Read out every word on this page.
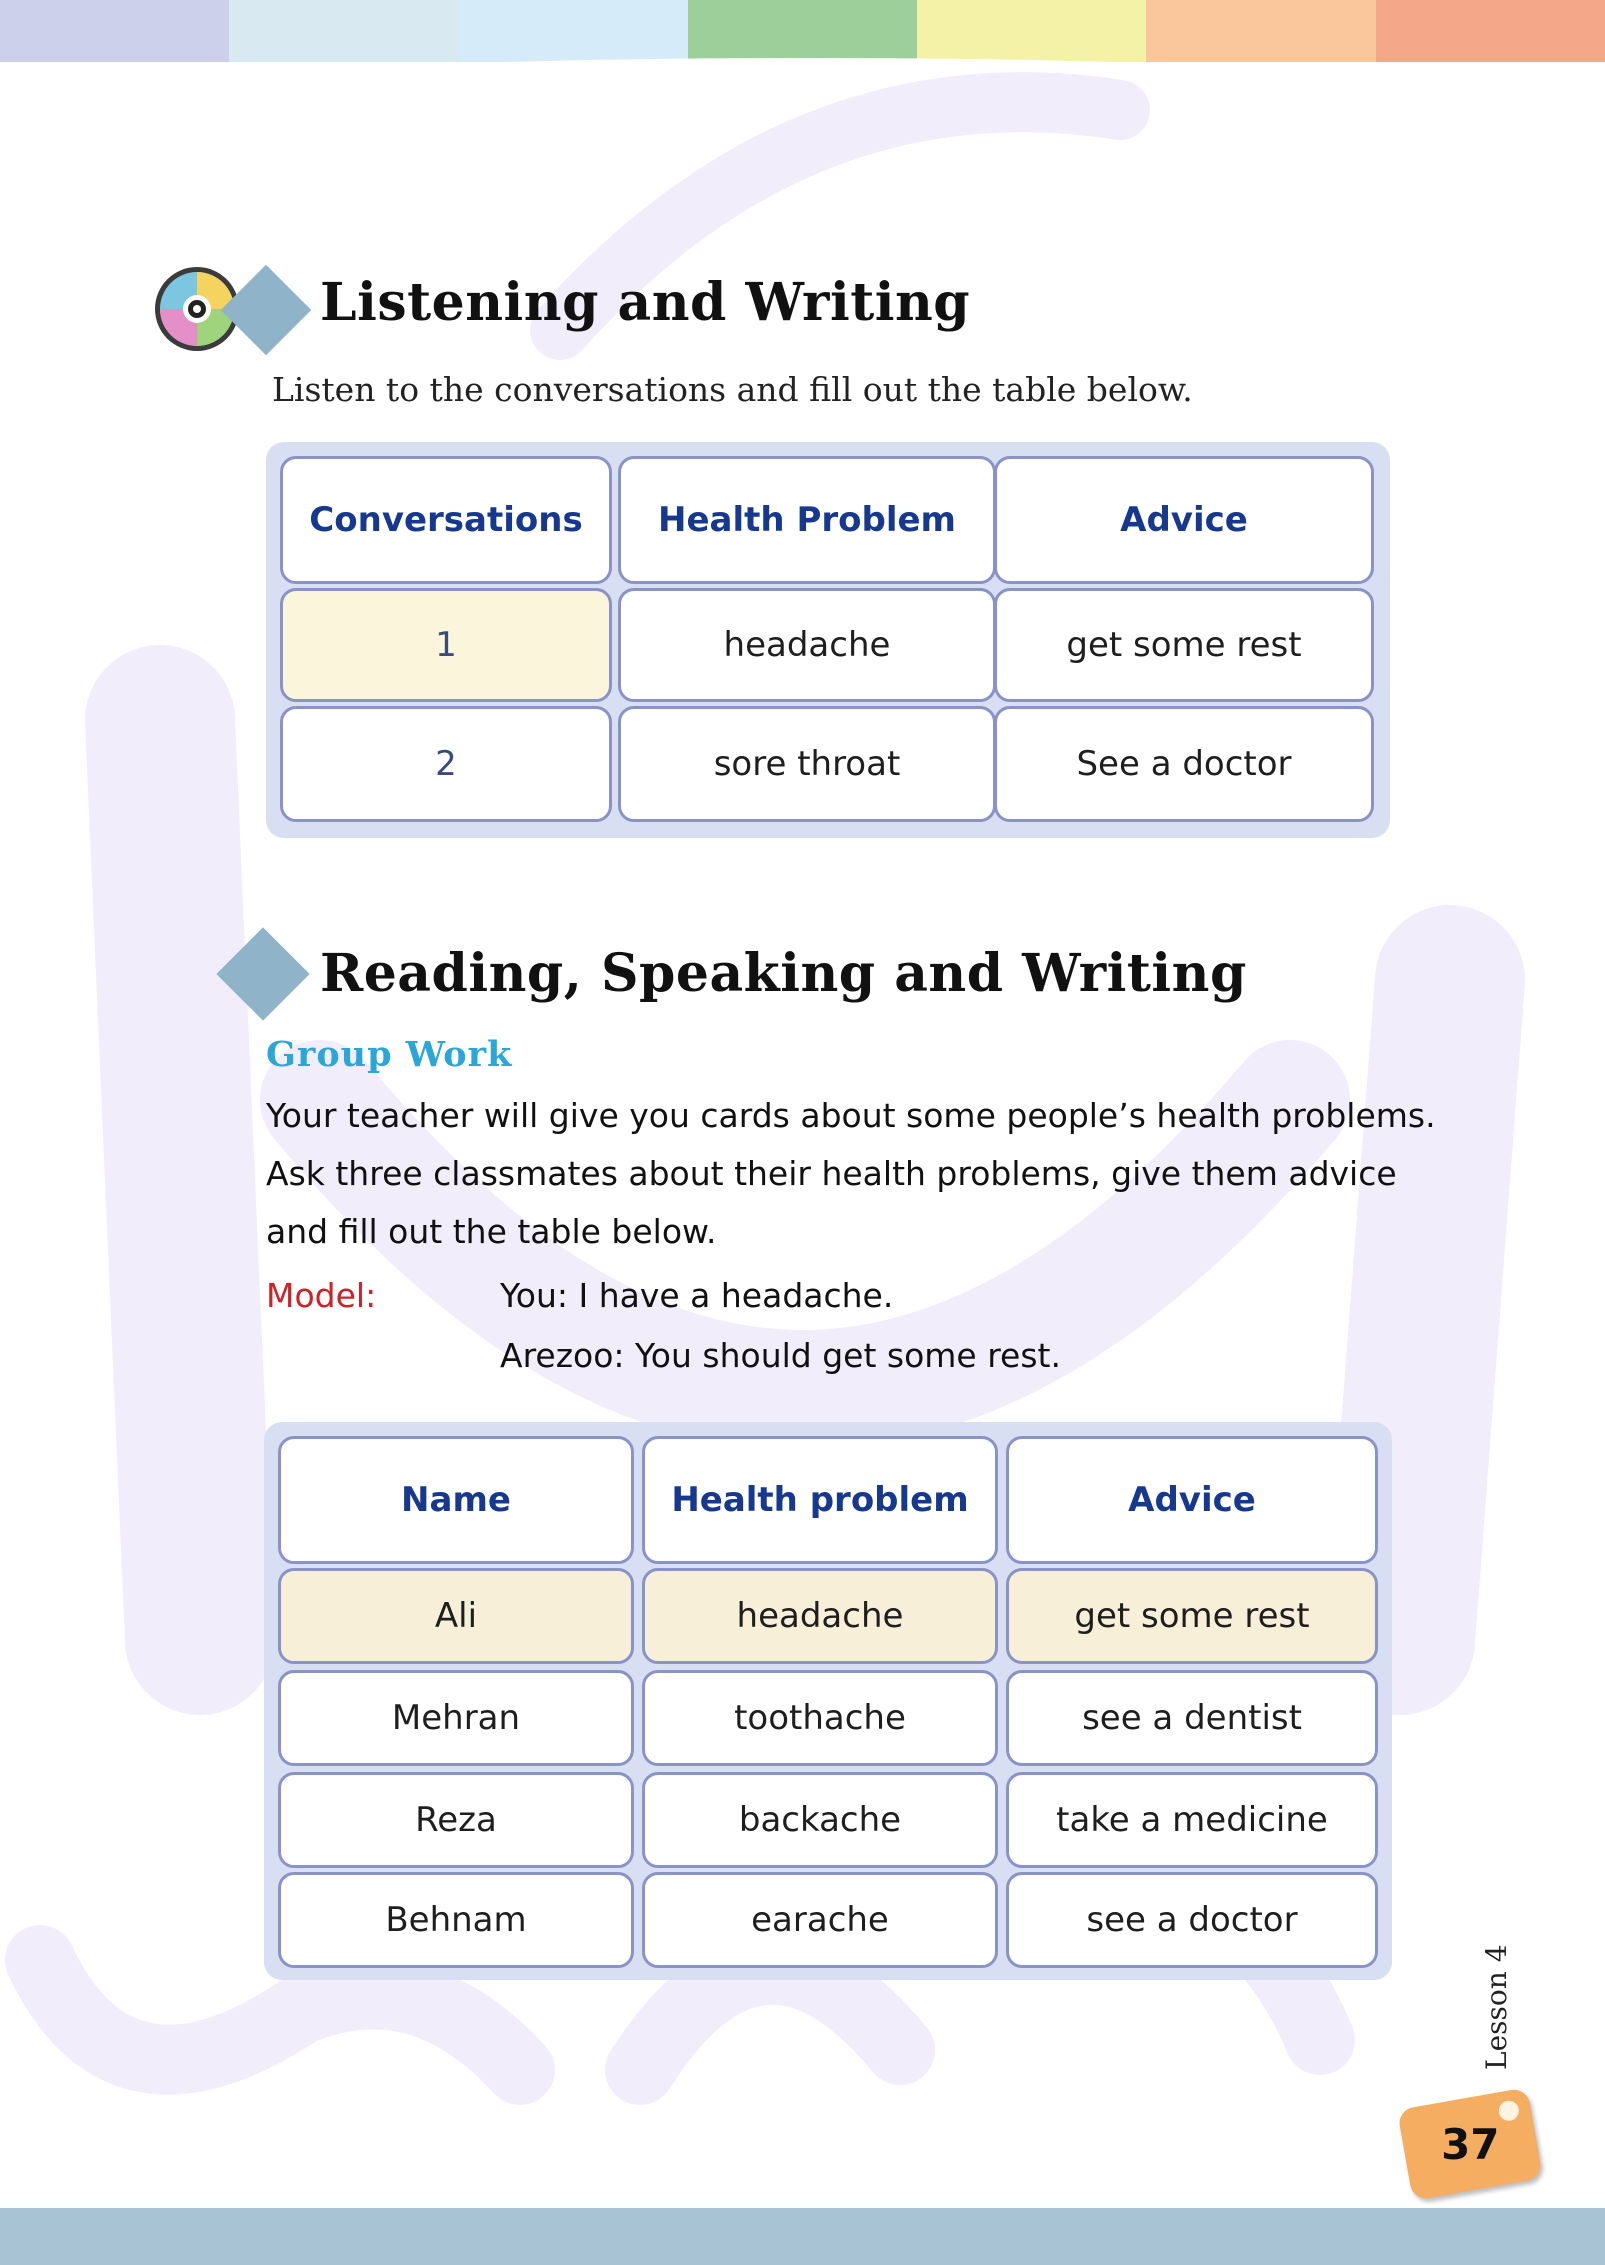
Listening and Writing
Listen to the conversations and fill out the table below.
Conversations	Health Problem	Advice
1	headache	get some rest
2	sore throat	See a doctor
Reading, Speaking and Writing
Group Work
Your teacher will give you cards about some people’s health problems.
Ask three classmates about their health problems, give them advice
and fill out the table below.
Model:	You: I have a headache.
Arezoo: You should get some rest.
Name	Health problem	Advice
Ali	headache	get some rest
Mehran	toothache	see a dentist
Reza	backache	take a medicine
Behnam	earache	see a doctor
Lesson 4
37
